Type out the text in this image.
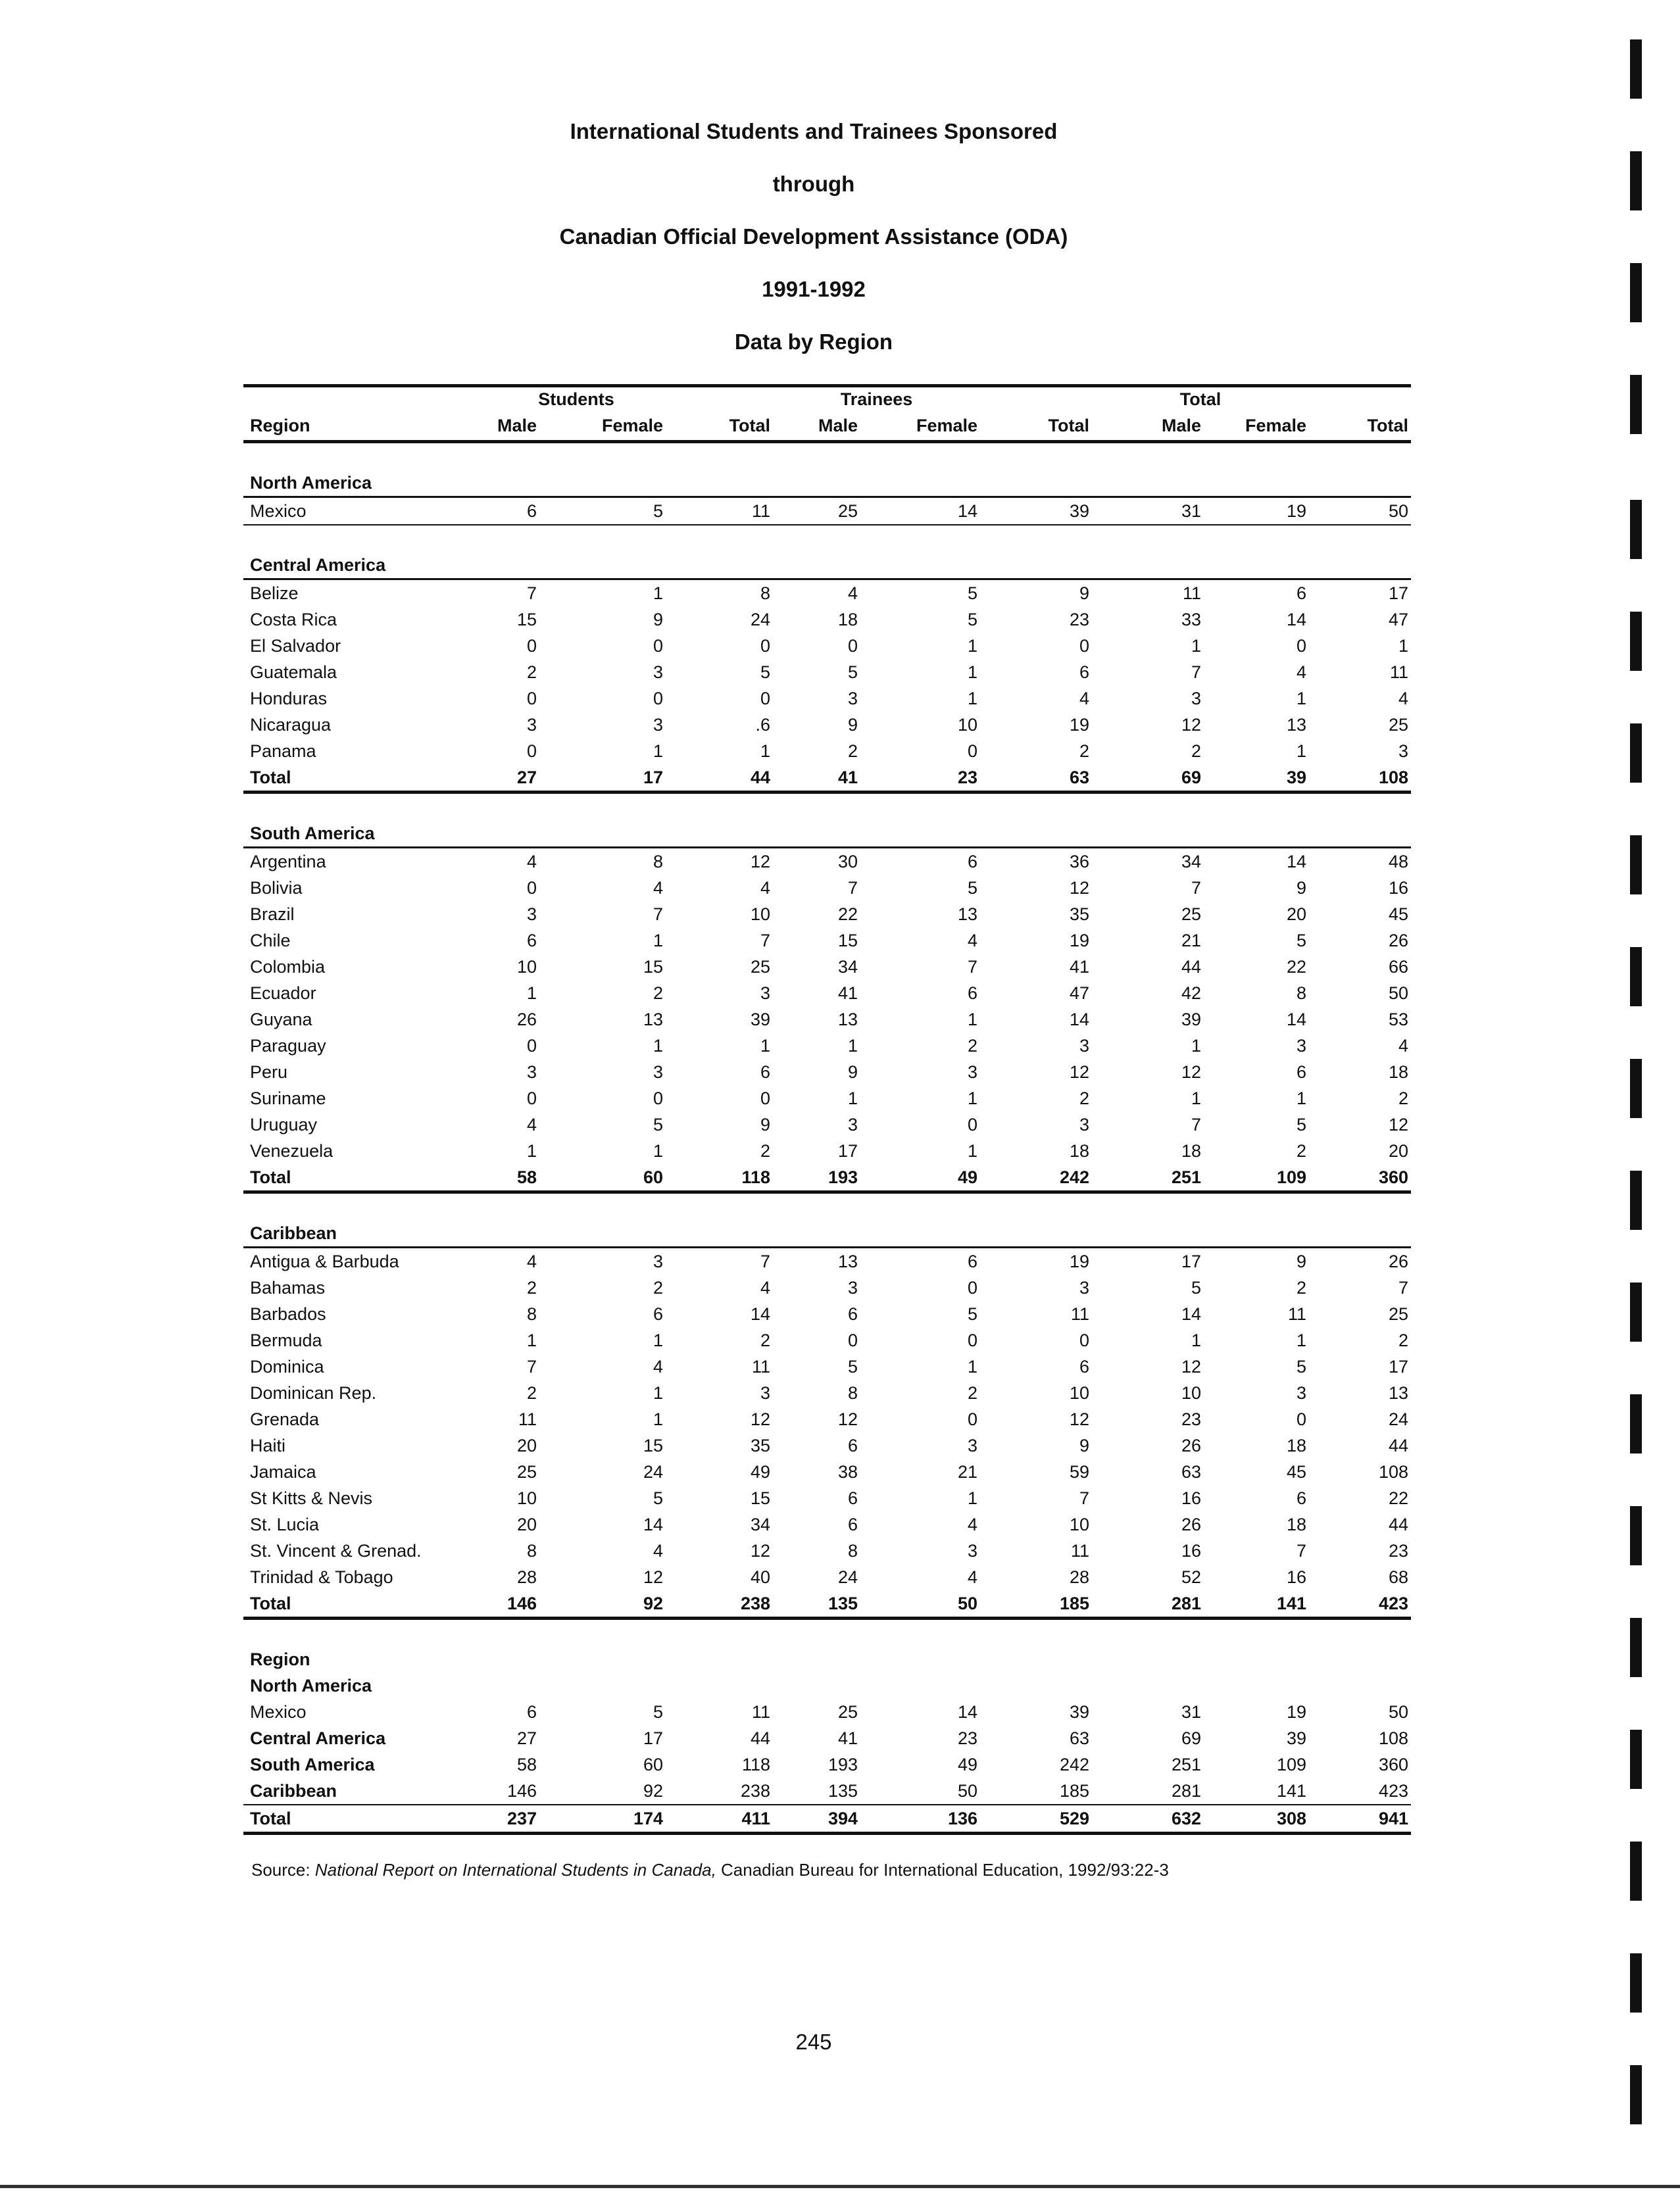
International Students and Trainees Sponsored
through
Canadian Official Development Assistance (ODA)
1991-1992
Data by Region
	Students			Trainees			Total		
Region	Male	Female	Total	Male	Female	Total	Male	Female	Total

North America									
Mexico	6	5	11	25	14	39	31	19	50

Central America									
Belize	7	1	8	4	5	9	11	6	17
Costa Rica	15	9	24	18	5	23	33	14	47
El Salvador	0	0	0	0	1	0	1	0	1
Guatemala	2	3	5	5	1	6	7	4	11
Honduras	0	0	0	3	1	4	3	1	4
Nicaragua	3	3	.6	9	10	19	12	13	25
Panama	0	1	1	2	0	2	2	1	3
Total	27	17	44	41	23	63	69	39	108

South America									
Argentina	4	8	12	30	6	36	34	14	48
Bolivia	0	4	4	7	5	12	7	9	16
Brazil	3	7	10	22	13	35	25	20	45
Chile	6	1	7	15	4	19	21	5	26
Colombia	10	15	25	34	7	41	44	22	66
Ecuador	1	2	3	41	6	47	42	8	50
Guyana	26	13	39	13	1	14	39	14	53
Paraguay	0	1	1	1	2	3	1	3	4
Peru	3	3	6	9	3	12	12	6	18
Suriname	0	0	0	1	1	2	1	1	2
Uruguay	4	5	9	3	0	3	7	5	12
Venezuela	1	1	2	17	1	18	18	2	20
Total	58	60	118	193	49	242	251	109	360

Caribbean									
Antigua & Barbuda	4	3	7	13	6	19	17	9	26
Bahamas	2	2	4	3	0	3	5	2	7
Barbados	8	6	14	6	5	11	14	11	25
Bermuda	1	1	2	0	0	0	1	1	2
Dominica	7	4	11	5	1	6	12	5	17
Dominican Rep.	2	1	3	8	2	10	10	3	13
Grenada	11	1	12	12	0	12	23	0	24
Haiti	20	15	35	6	3	9	26	18	44
Jamaica	25	24	49	38	21	59	63	45	108
St Kitts & Nevis	10	5	15	6	1	7	16	6	22
St. Lucia	20	14	34	6	4	10	26	18	44
St. Vincent & Grenad.	8	4	12	8	3	11	16	7	23
Trinidad & Tobago	28	12	40	24	4	28	52	16	68
Total	146	92	238	135	50	185	281	141	423

Region									
North America									
Mexico	6	5	11	25	14	39	31	19	50
Central America	27	17	44	41	23	63	69	39	108
South America	58	60	118	193	49	242	251	109	360
Caribbean	146	92	238	135	50	185	281	141	423
Total	237	174	411	394	136	529	632	308	941
Source: National Report on International Students in Canada, Canadian Bureau for International Education, 1992/93:22-3
245
